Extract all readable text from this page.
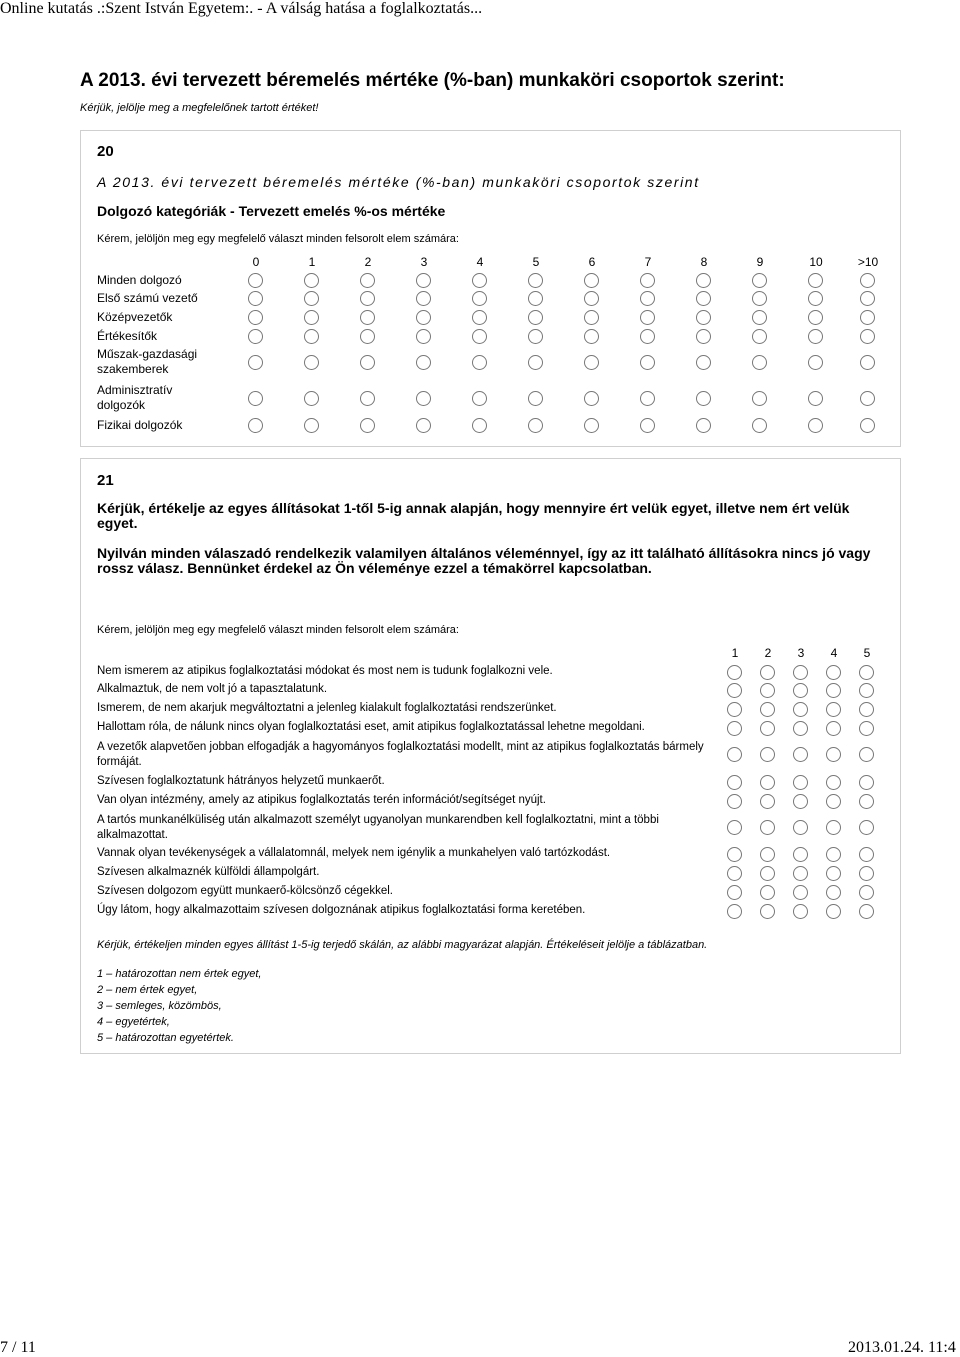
Online kutatás .:Szent István Egyetem:. - A válság hatása a foglalkoztatás...
7 / 11	2013.01.24. 11:4
A 2013. évi tervezett béremelés mértéke (%-ban) munkaköri csoportok szerint:
Kérjük, jelölje meg a megfelelőnek tartott értéket!
20
A 2013. évi tervezett béremelés mértéke (%-ban) munkaköri csoportok szerint
Dolgozó kategóriák - Tervezett emelés %-os mértéke
Kérem, jelöljön meg egy megfelelő választ minden felsorolt elem számára:
0	1	2	3	4	5	6	7	8	9	10	>10
Minden dolgozó
Első számú vezető
Középvezetők
Értékesítők
Műszak-gazdasági szakemberek
Adminisztratív dolgozók
Fizikai dolgozók
21
Kérjük, értékelje az egyes állításokat 1-től 5-ig annak alapján, hogy mennyire ért velük egyet, illetve nem ért velük egyet.
Nyilván minden válaszadó rendelkezik valamilyen általános véleménnyel, így az itt található állításokra nincs jó vagy rossz válasz. Bennünket érdekel az Ön véleménye ezzel a témakörrel kapcsolatban.
Kérem, jelöljön meg egy megfelelő választ minden felsorolt elem számára:
1	2	3	4	5
Nem ismerem az atipikus foglalkoztatási módokat és most nem is tudunk foglalkozni vele.
Alkalmaztuk, de nem volt jó a tapasztalatunk.
Ismerem, de nem akarjuk megváltoztatni a jelenleg kialakult foglalkoztatási rendszerünket.
Hallottam róla, de nálunk nincs olyan foglalkoztatási eset, amit atipikus foglalkoztatással lehetne megoldani.
A vezetők alapvetően jobban elfogadják a hagyományos foglalkoztatási modellt, mint az atipikus foglalkoztatás bármely formáját.
Szívesen foglalkoztatunk hátrányos helyzetű munkaerőt.
Van olyan intézmény, amely az atipikus foglalkoztatás terén információt/segítséget nyújt.
A tartós munkanélküliség után alkalmazott személyt ugyanolyan munkarendben kell foglalkoztatni, mint a többi alkalmazottat.
Vannak olyan tevékenységek a vállalatomnál, melyek nem igénylik a munkahelyen való tartózkodást.
Szívesen alkalmaznék külföldi állampolgárt.
Szívesen dolgozom együtt munkaerő-kölcsönző cégekkel.
Úgy látom, hogy alkalmazottaim szívesen dolgoznának atipikus foglalkoztatási forma keretében.
Kérjük, értékeljen minden egyes állítást 1-5-ig terjedő skálán, az alábbi magyarázat alapján. Értékeléseit jelölje a táblázatban.
1 – határozottan nem értek egyet,
2 – nem értek egyet,
3 – semleges, közömbös,
4 – egyetértek,
5 – határozottan egyetértek.
